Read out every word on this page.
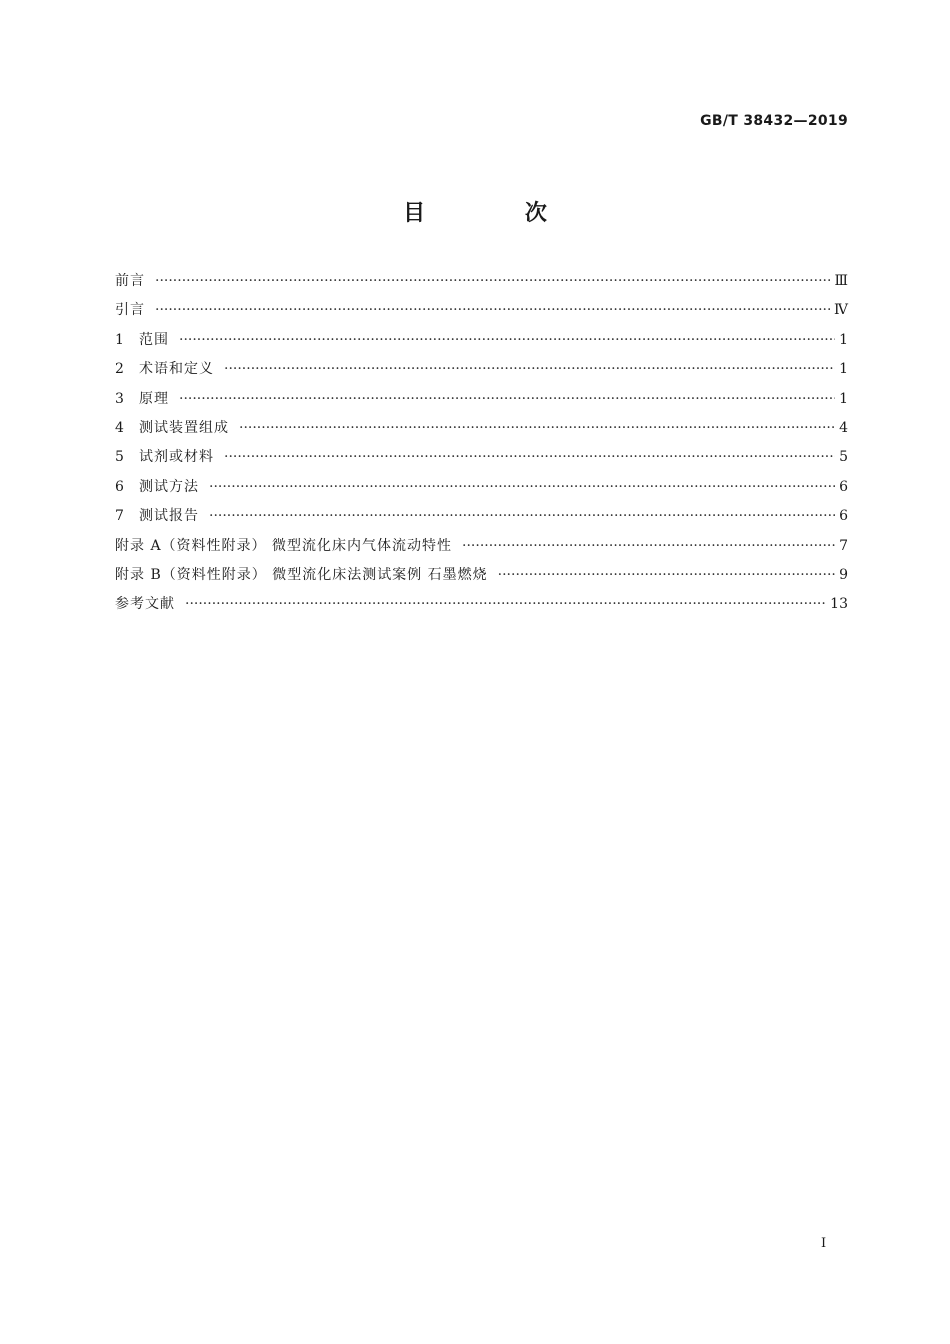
GB/T 38432—2019
目 次
前言 ·····	Ⅲ
引言 ·····	Ⅳ
1	范围 ·····	1
2	术语和定义 ·····	1
3	原理 ·····	1
4	测试装置组成 ·····	4
5	试剂或材料 ·····	5
6	测试方法 ·····	6
7	测试报告 ·····	6
附录 A（资料性附录） 微型流化床内气体流动特性 ·····	7
附录 B（资料性附录） 微型流化床法测试案例 石墨燃烧 ·····	9
参考文献 ·····	13
I
